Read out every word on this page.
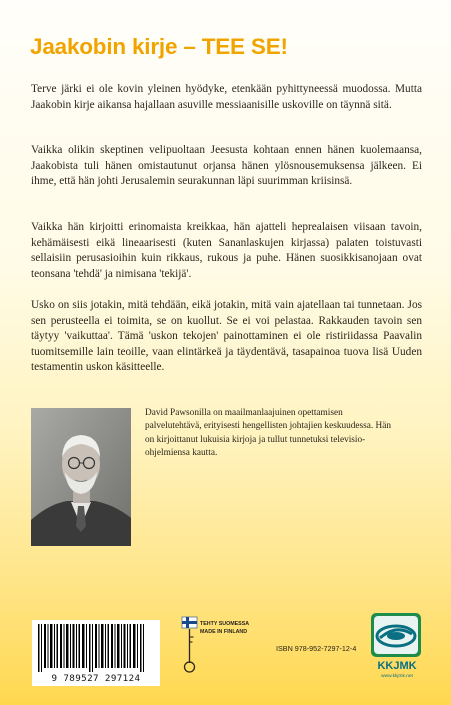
Jaakobin kirje – TEE SE!

Terve järki ei ole kovin yleinen hyödyke, etenkään pyhittyneessä muodossa. Mutta Jaakobin kirje aikansa hajallaan asuville messiaanisille uskoville on täynnä sitä.

Vaikka olikin skeptinen velipuoltaan Jeesusta kohtaan ennen hänen kuolemaansa, Jaakobista tuli hänen omistautunut orjansa hänen ylösnousemuksensa jälkeen. Ei ihme, että hän johti Jerusalemin seurakunnan läpi suurimman kriisinsä.

Vaikka hän kirjoitti erinomaista kreikkaa, hän ajatteli heprealaisen viisaan tavoin, kehämäisesti eikä lineaarisesti (kuten Sananlaskujen kirjassa) palaten toistuvasti sellaisiin perusasioihin kuin rikkaus, rukous ja puhe. Hänen suosikkisanojaan ovat teonsana 'tehdä' ja nimisana 'tekijä'.

Usko on siis jotakin, mitä tehdään, eikä jotakin, mitä vain ajatellaan tai tunnetaan. Jos sen perusteella ei toimita, se on kuollut. Se ei voi pelastaa. Rakkauden tavoin sen täytyy 'vaikuttaa'. Tämä 'uskon tekojen' painottaminen ei ole ristiriidassa Paavalin tuomitsemille lain teoille, vaan elintärkeä ja täydentävä, tasapainoa tuova lisä Uuden testamentin uskon käsitteelle.

David Pawsonilla on maailmanlaajuinen opettamisen palvelutehtävä, erityisesti hengellisten johtajien keskuudessa. Hän on kirjoittanut lukuisia kirjoja ja tullut tunnetuksi televisio-ohjelmiensa kautta.

9 789527 297124
TEHTY SUOMESSA MADE IN FINLAND
ISBN 978-952-7297-12-4
KKJMK
www.kkjmk.net
